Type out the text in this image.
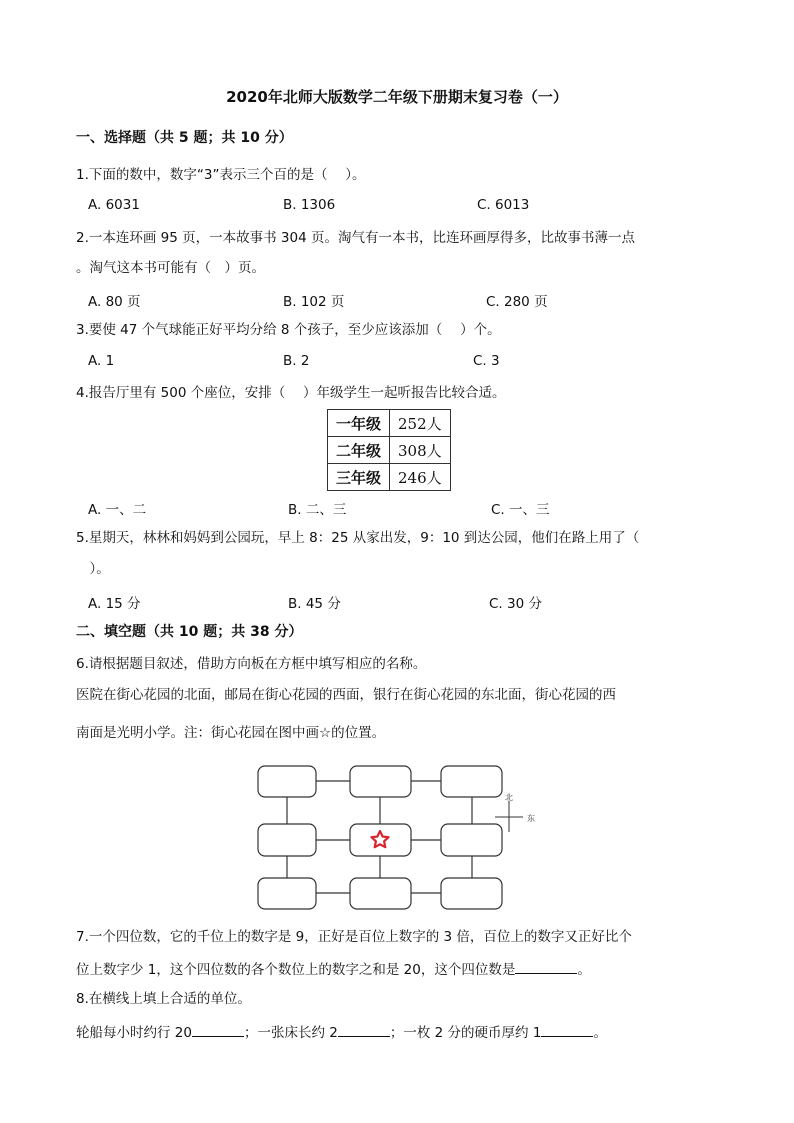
2020年北师大版数学二年级下册期末复习卷（一）
一、选择题（共 5 题；共 10 分）
1.下面的数中，数字“3”表示三个百的是（　 ）。
A. 6031	B. 1306	C. 6013
2.一本连环画 95 页，一本故事书 304 页。淘气有一本书，比连环画厚得多，比故事书薄一点
。淘气这本书可能有（　）页。
A. 80 页	B. 102 页	C. 280 页
3.要使 47 个气球能正好平均分给 8 个孩子，至少应该添加（　 ）个。
A. 1	B. 2	C. 3
4.报告厅里有 500 个座位，安排（　 ）年级学生一起听报告比较合适。
一年级	252人
二年级	308人
三年级	246人
A. 一、二	B. 二、三	C. 一、三
5.星期天，林林和妈妈到公园玩，早上 8：25 从家出发，9：10 到达公园，他们在路上用了（
　）。
A. 15 分	B. 45 分	C. 30 分
二、填空题（共 10 题；共 38 分）
6.请根据题目叙述，借助方向板在方框中填写相应的名称。
医院在街心花园的北面，邮局在街心花园的西面，银行在街心花园的东北面，街心花园的西
南面是光明小学。注：街心花园在图中画☆的位置。
北
东
7.一个四位数，它的千位上的数字是 9，正好是百位上数字的 3 倍，百位上的数字又正好比个
位上数字少 1，这个四位数的各个数位上的数字之和是 20，这个四位数是	。
8.在横线上填上合适的单位。
轮船每小时约行 20	；一张床长约 2	；一枚 2 分的硬币厚约 1	。
